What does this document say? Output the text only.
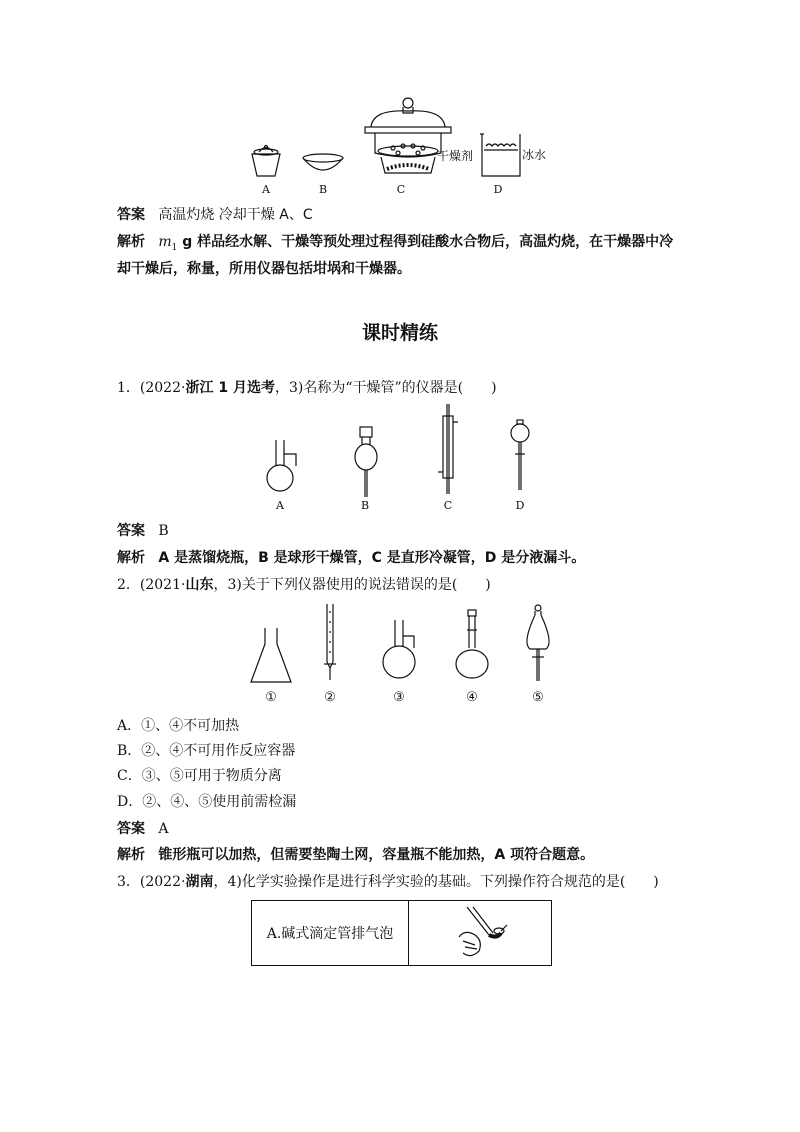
干燥剂	冰水
A	B	C	D
答案 高温灼烧 冷却干燥 A、C
解析 $m_1$ g 样品经水解、干燥等预处理过程得到硅酸水合物后，高温灼烧，在干燥器中冷
却干燥后，称量，所用仪器包括坩埚和干燥器。
课时精练
1．(2022·浙江 1 月选考，3)名称为“干燥管”的仪器是(　　)
A	B	C	D
答案 B
解析 A 是蒸馏烧瓶，B 是球形干燥管，C 是直形冷凝管，D 是分液漏斗。
2．(2021·山东，3)关于下列仪器使用的说法错误的是(　　)
①	②	③	④	⑤
A．①、④不可加热
B．②、④不可用作反应容器
C．③、⑤可用于物质分离
D．②、④、⑤使用前需检漏
答案 A
解析 锥形瓶可以加热，但需要垫陶土网，容量瓶不能加热，A 项符合题意。
3．(2022·湖南，4)化学实验操作是进行科学实验的基础。下列操作符合规范的是(　　)
A.碱式滴定管排气泡	
